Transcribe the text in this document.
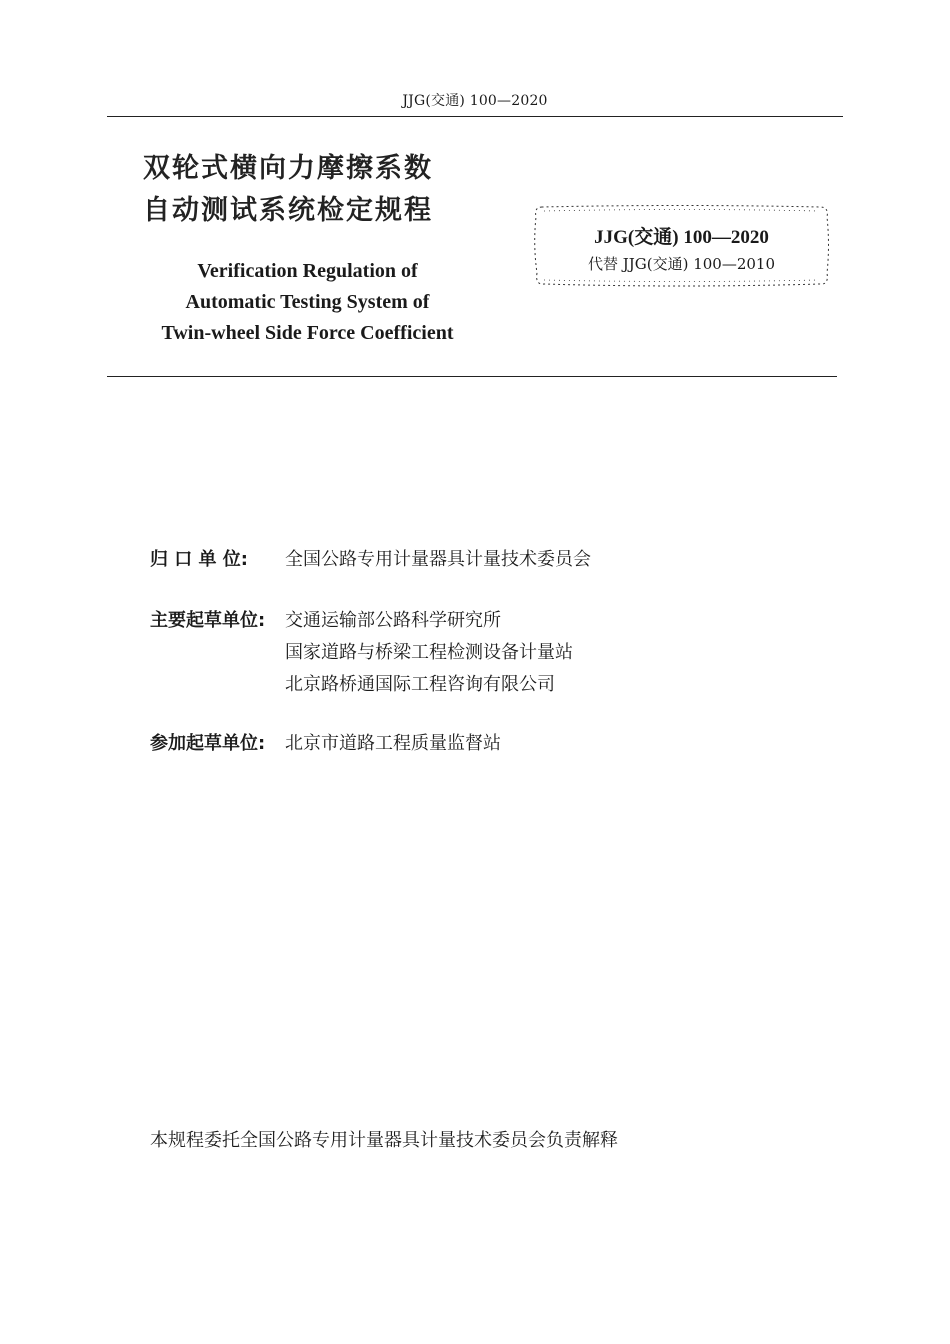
JJG(交通) 100—2020
双轮式横向力摩擦系数
自动测试系统检定规程
Verification Regulation of
Automatic Testing System of
Twin-wheel Side Force Coefficient
JJG(交通) 100—2020
代替 JJG(交通) 100—2010
归 口 单 位: 全国公路专用计量器具计量技术委员会
主要起草单位: 交通运输部公路科学研究所
国家道路与桥梁工程检测设备计量站
北京路桥通国际工程咨询有限公司
参加起草单位: 北京市道路工程质量监督站
本规程委托全国公路专用计量器具计量技术委员会负责解释
